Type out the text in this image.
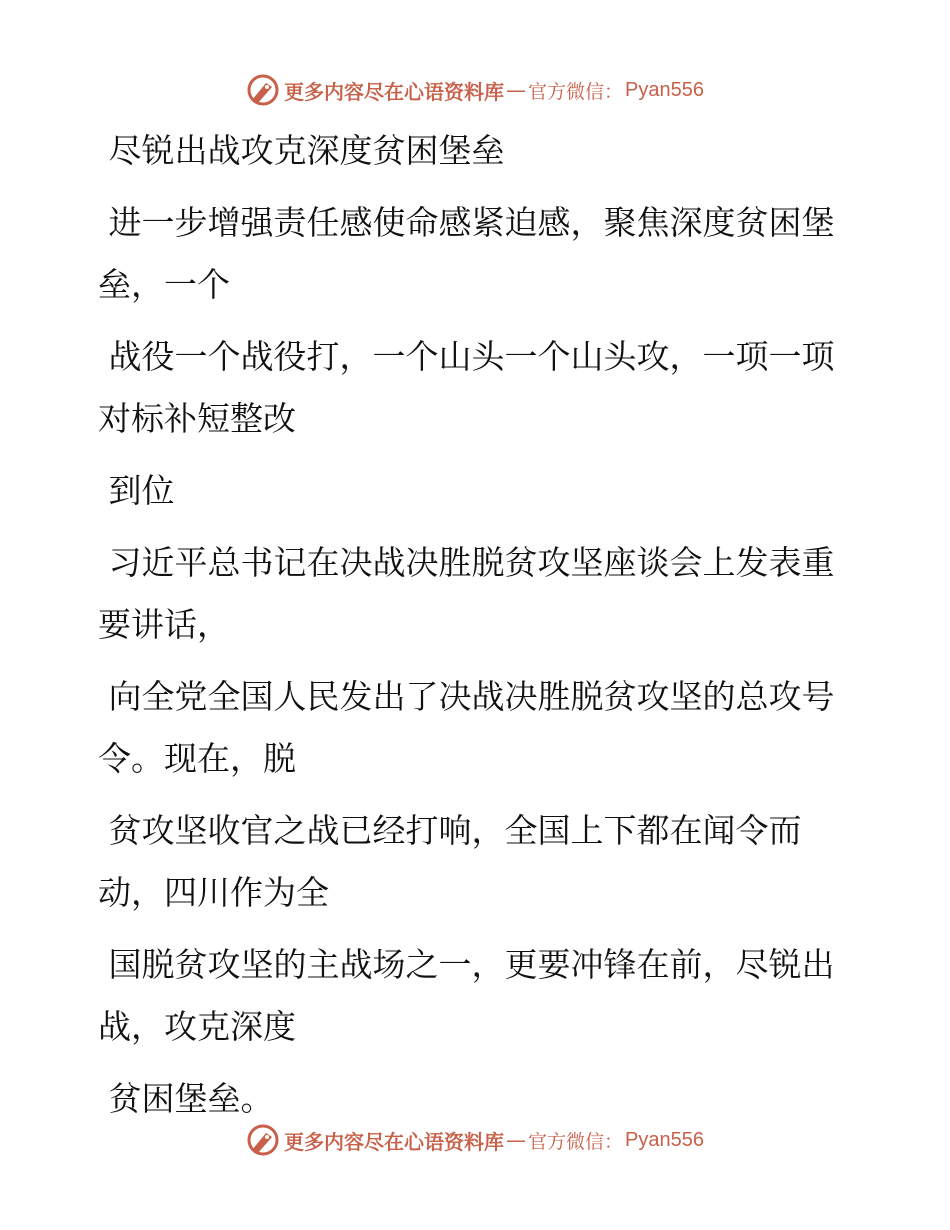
更多内容尽在心语资料库 — 官方微信： Pyan556

尽锐出战攻克深度贫困堡垒

进一步增强责任感使命感紧迫感，聚焦深度贫困堡垒，一个

战役一个战役打，一个山头一个山头攻，一项一项对标补短整改

到位

习近平总书记在决战决胜脱贫攻坚座谈会上发表重要讲话，

向全党全国人民发出了决战决胜脱贫攻坚的总攻号令。现在，脱

贫攻坚收官之战已经打响，全国上下都在闻令而动，四川作为全

国脱贫攻坚的主战场之一，更要冲锋在前，尽锐出战，攻克深度

贫困堡垒。

更多内容尽在心语资料库 — 官方微信： Pyan556
